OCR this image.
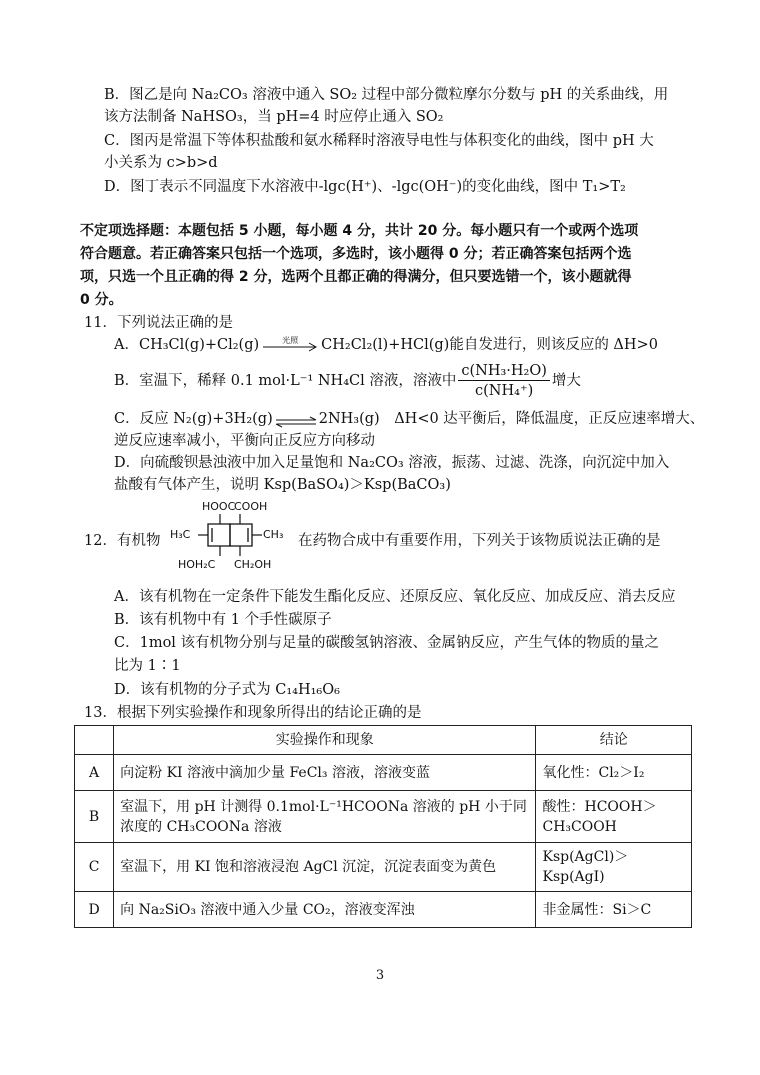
B．图乙是向 Na₂CO₃ 溶液中通入 SO₂ 过程中部分微粒摩尔分数与 pH 的关系曲线，用
该方法制备 NaHSO₃，当 pH=4 时应停止通入 SO₂
C．图丙是常温下等体积盐酸和氨水稀释时溶液导电性与体积变化的曲线，图中 pH 大
小关系为 c>b>d
D．图丁表示不同温度下水溶液中-lgc(H⁺)、-lgc(OH⁻)的变化曲线，图中 T₁>T₂
不定项选择题：本题包括 5 小题，每小题 4 分，共计 20 分。每小题只有一个或两个选项
符合题意。若正确答案只包括一个选项，多选时，该小题得 0 分；若正确答案包括两个选
项，只选一个且正确的得 2 分，选两个且都正确的得满分，但只要选错一个，该小题就得
0 分。
11．下列说法正确的是
A．CH₃Cl(g)+Cl₂(g)	光照	CH₂Cl₂(l)+HCl(g)能自发进行，则该反应的 ΔH>0
B．室温下，稀释 0.1 mol·L⁻¹ NH₄Cl 溶液，溶液中 $\frac{\text{c(NH₃·H₂O)}}{\text{c(NH₄⁺)}}$ 增大
C．反应 N₂(g)+3H₂(g)⇌2NH₃(g)　ΔH<0 达平衡后，降低温度，正反应速率增大、
逆反应速率减小，平衡向正反应方向移动
D．向硫酸钡悬浊液中加入足量饱和 Na₂CO₃ 溶液，振荡、过滤、洗涤，向沉淀中加入
盐酸有气体产生，说明 Ksp(BaSO₄)＞Ksp(BaCO₃)
12．有机物
HOOC
COOH
H₃C	CH₃
HOH₂C CH₂OH
在药物合成中有重要作用，下列关于该物质说法正确的是
A．该有机物在一定条件下能发生酯化反应、还原反应、氧化反应、加成反应、消去反应
B．该有机物中有 1 个手性碳原子
C．1mol 该有机物分别与足量的碳酸氢钠溶液、金属钠反应，产生气体的物质的量之
比为 1∶1
D．该有机物的分子式为 C₁₄H₁₆O₆
13．根据下列实验操作和现象所得出的结论正确的是
	实验操作和现象	结论
A	向淀粉 KI 溶液中滴加少量 FeCl₃ 溶液，溶液变蓝	氧化性：Cl₂＞I₂
B	室温下，用 pH 计测得 0.1mol·L⁻¹HCOONa 溶液的 pH 小于同浓度的 CH₃COONa 溶液	酸性：HCOOH＞CH₃COOH
C	室温下，用 KI 饱和溶液浸泡 AgCl 沉淀，沉淀表面变为黄色	Ksp(AgCl)＞Ksp(AgI)
D	向 Na₂SiO₃ 溶液中通入少量 CO₂，溶液变浑浊	非金属性：Si＞C
3
